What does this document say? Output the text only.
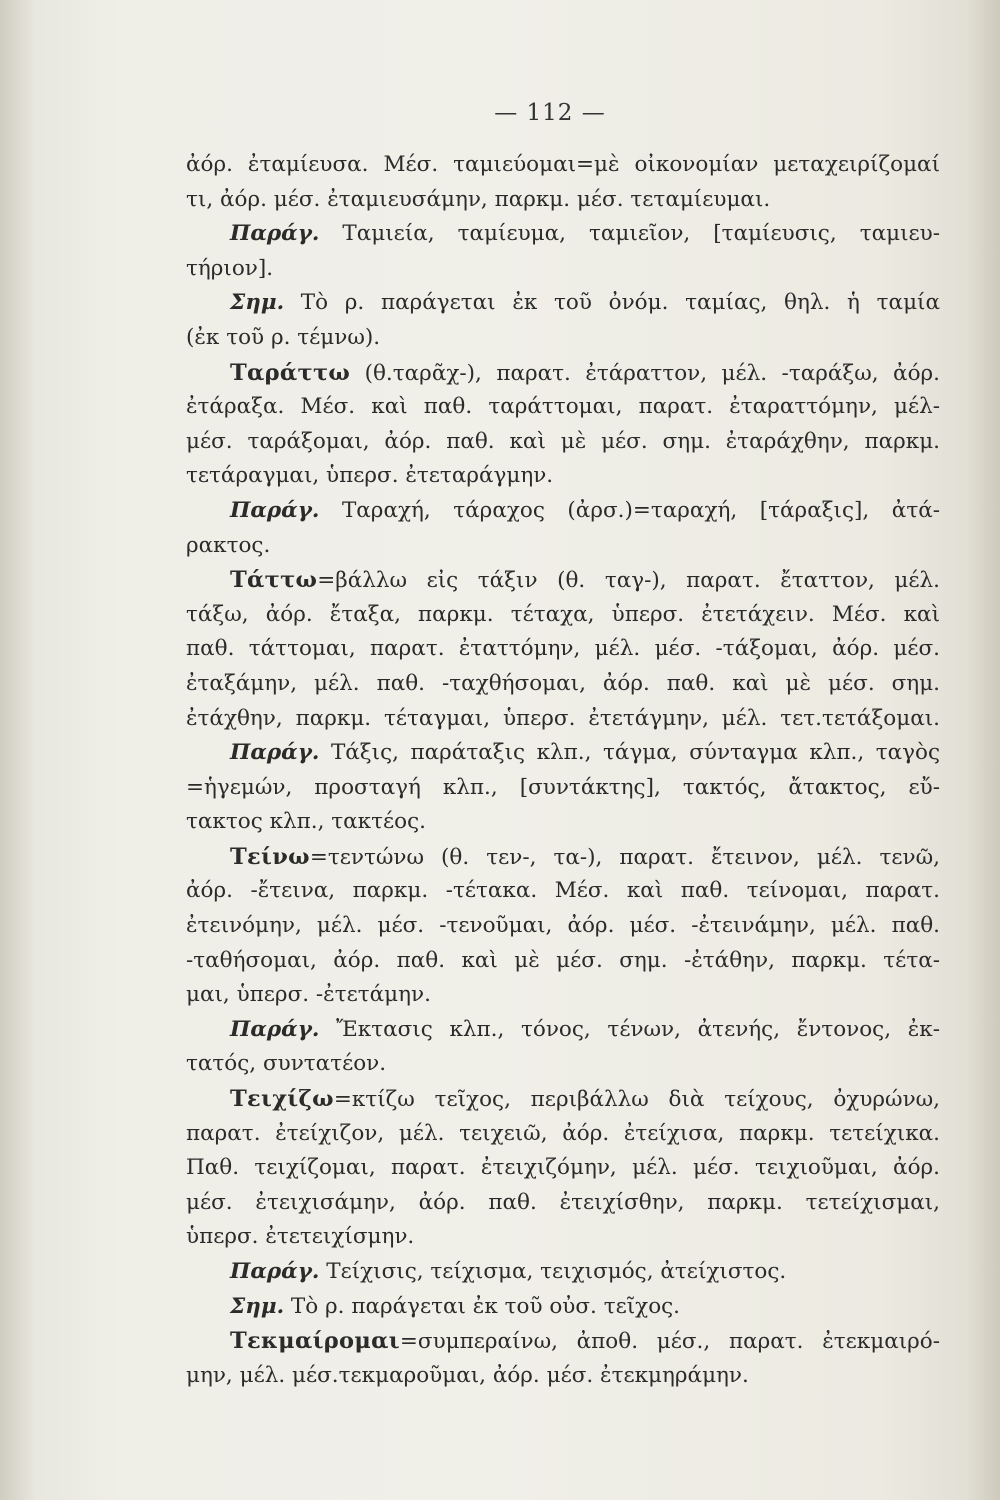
— 112 —
ἀόρ. ἐταμίευσα. Μέσ. ταμιεύομαι=μὲ οἰκονομίαν μεταχειρίζομαί
τι, ἀόρ. μέσ. ἐταμιευσάμην, παρκμ. μέσ. τεταμίευμαι.
Παράγ. Ταμιεία, ταμίευμα, ταμιεῖον, [ταμίευσις, ταμιευ-
τήριον].
Σημ. Τὸ ρ. παράγεται ἐκ τοῦ ὀνόμ. ταμίας, θηλ. ἡ ταμία
(ἐκ τοῦ ρ. τέμνω).
Ταράττω (θ.ταρᾶχ-), παρατ. ἐτάραττον, μέλ. -ταράξω, ἀόρ.
ἐτάραξα. Μέσ. καὶ παθ. ταράττομαι, παρατ. ἐταραττόμην, μέλ-
μέσ. ταράξομαι, ἀόρ. παθ. καὶ μὲ μέσ. σημ. ἐταράχθην, παρκμ.
τετάραγμαι, ὑπερσ. ἐτεταράγμην.
Παράγ. Ταραχή, τάραχος (ἀρσ.)=ταραχή, [τάραξις], ἀτά-
ρακτος.
Τάττω=βάλλω εἰς τάξιν (θ. ταγ-), παρατ. ἔταττον, μέλ.
τάξω, ἀόρ. ἔταξα, παρκμ. τέταχα, ὑπερσ. ἐτετάχειν. Μέσ. καὶ
παθ. τάττομαι, παρατ. ἐταττόμην, μέλ. μέσ. -τάξομαι, ἀόρ. μέσ.
ἐταξάμην, μέλ. παθ. -ταχθήσομαι, ἀόρ. παθ. καὶ μὲ μέσ. σημ.
ἐτάχθην, παρκμ. τέταγμαι, ὑπερσ. ἐτετάγμην, μέλ. τετ.τετάξομαι.
Παράγ. Τάξις, παράταξις κλπ., τάγμα, σύνταγμα κλπ., ταγὸς
=ἡγεμών, προσταγή κλπ., [συντάκτης], τακτός, ἄτακτος, εὔ-
τακτος κλπ., τακτέος.
Τείνω=τεντώνω (θ. τεν-, τα-), παρατ. ἔτεινον, μέλ. τενῶ,
ἀόρ. -ἔτεινα, παρκμ. -τέτακα. Μέσ. καὶ παθ. τείνομαι, παρατ.
ἐτεινόμην, μέλ. μέσ. -τενοῦμαι, ἀόρ. μέσ. -ἐτεινάμην, μέλ. παθ.
-ταθήσομαι, ἀόρ. παθ. καὶ μὲ μέσ. σημ. -ἐτάθην, παρκμ. τέτα-
μαι, ὑπερσ. -ἐτετάμην.
Παράγ. Ἔκτασις κλπ., τόνος, τένων, ἀτενής, ἔντονος, ἐκ-
τατός, συντατέον.
Τειχίζω=κτίζω τεῖχος, περιβάλλω διὰ τείχους, ὀχυρώνω,
παρατ. ἐτείχιζον, μέλ. τειχειῶ, ἀόρ. ἐτείχισα, παρκμ. τετείχικα.
Παθ. τειχίζομαι, παρατ. ἐτειχιζόμην, μέλ. μέσ. τειχιοῦμαι, ἀόρ.
μέσ. ἐτειχισάμην, ἀόρ. παθ. ἐτειχίσθην, παρκμ. τετείχισμαι,
ὑπερσ. ἐτετειχίσμην.
Παράγ. Τείχισις, τείχισμα, τειχισμός, ἀτείχιστος.
Σημ. Τὸ ρ. παράγεται ἐκ τοῦ οὐσ. τεῖχος.
Τεκμαίρομαι=συμπεραίνω, ἀποθ. μέσ., παρατ. ἐτεκμαιρό-
μην, μέλ. μέσ.τεκμαροῦμαι, ἀόρ. μέσ. ἐτεκμηράμην.
